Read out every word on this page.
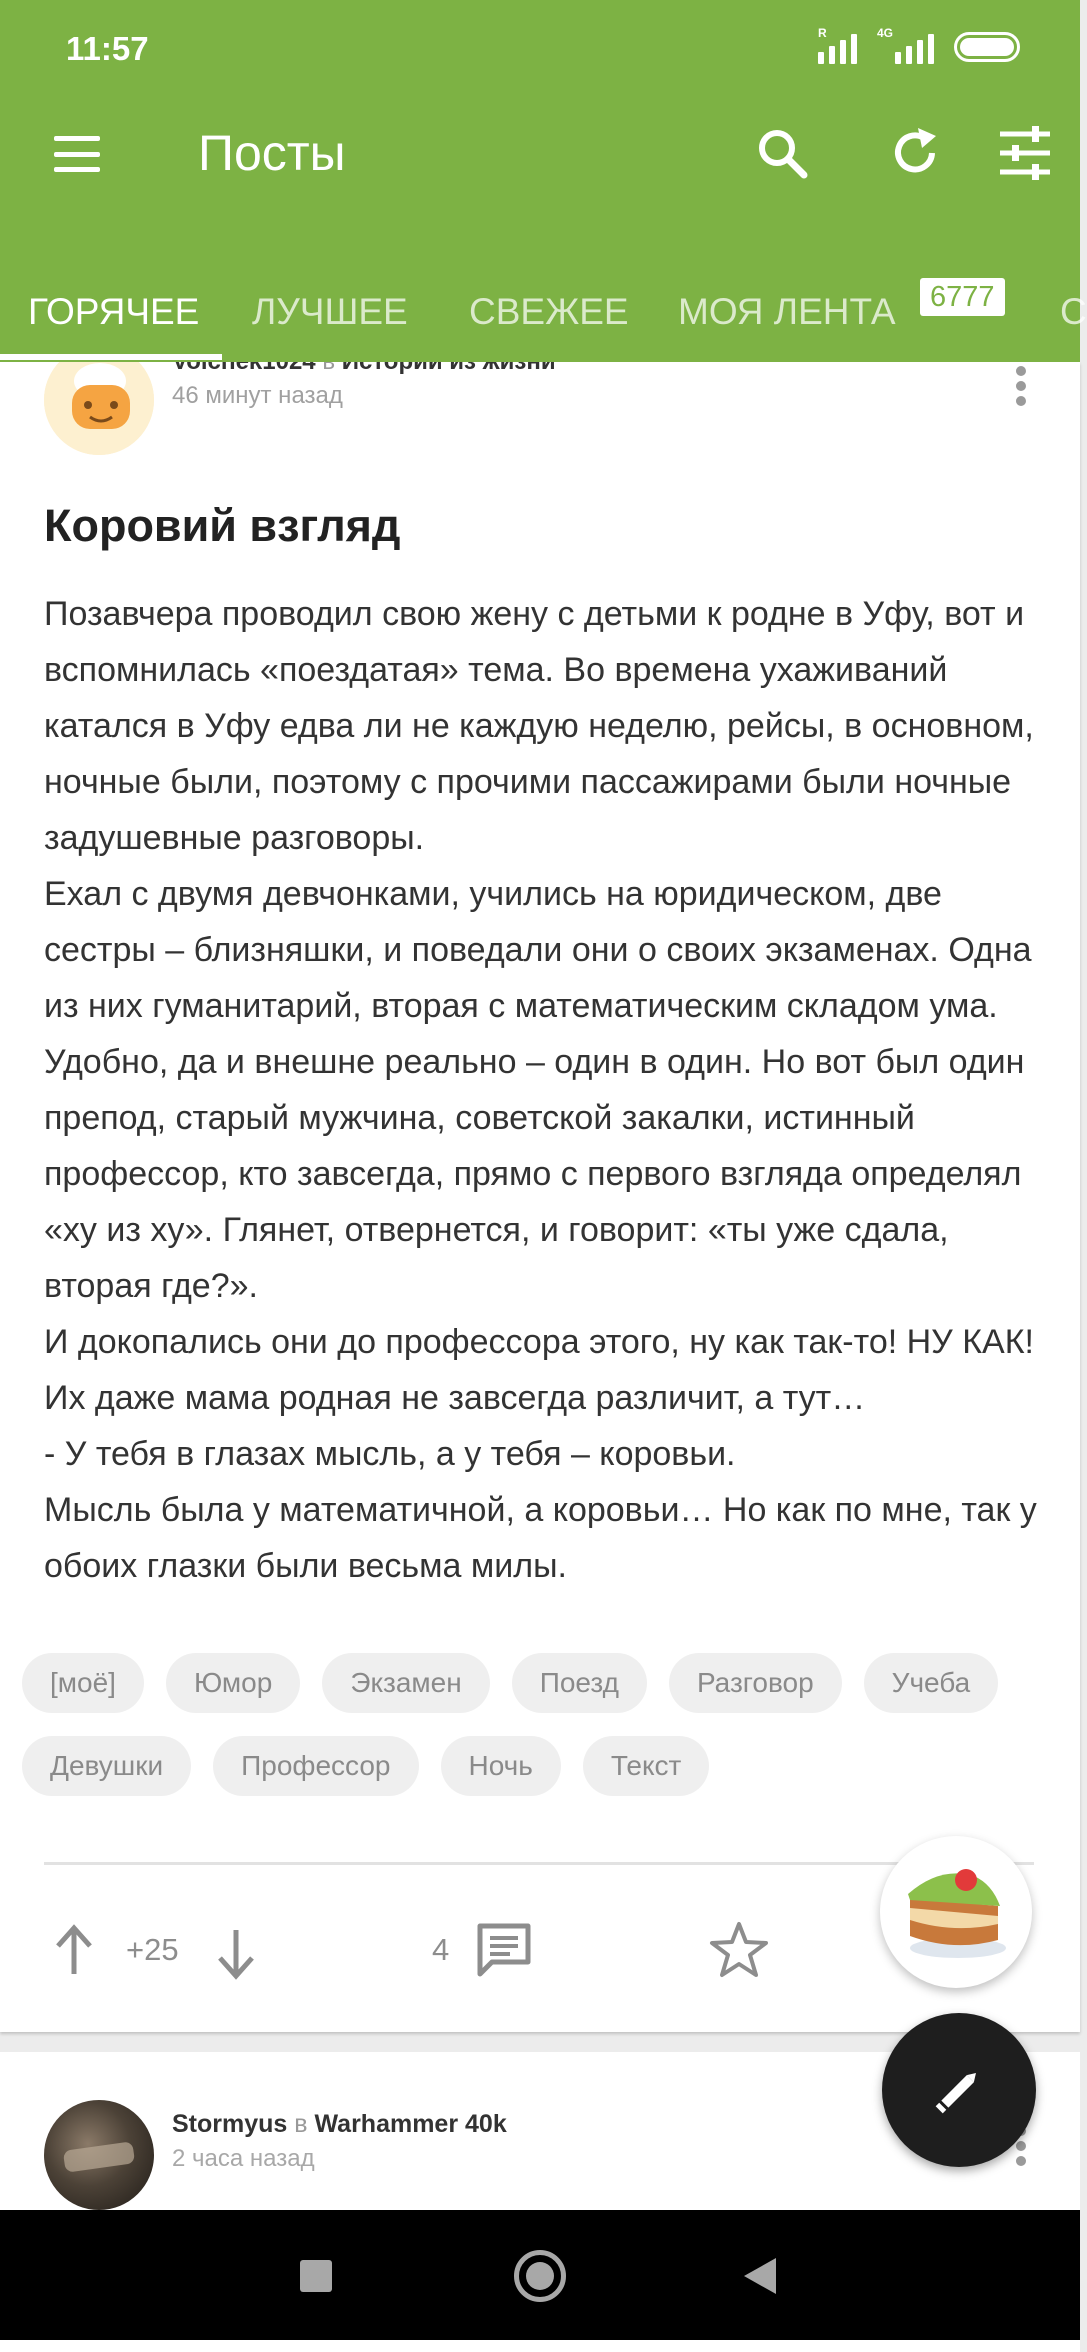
11:57	R	4G
Посты
ГОРЯЧЕЕ ЛУЧШЕЕ СВЕЖЕЕ МОЯ ЛЕНТА	С
6777
46 минут назад
Коровий взгляд

Позавчера проводил свою жену с детьми к родне в Уфу, вот и вспомнилась «поездатая» тема. Во времена ухаживаний катался в Уфу едва ли не каждую неделю, рейсы, в основном, ночные были, поэтому с прочими пассажирами были ночные задушевные разговоры.

Ехал с двумя девчонками, учились на юридическом, две сестры – близняшки, и поведали они о своих экзаменах. Одна из них гуманитарий, вторая с математическим складом ума. Удобно, да и внешне реально – один в один. Но вот был один препод, старый мужчина, советской закалки, истинный профессор, кто завсегда, прямо с первого взгляда определял «ху из ху». Глянет, отвернется, и говорит: «ты уже сдала, вторая где?».

И докопались они до профессора этого, ну как так-то! НУ КАК! Их даже мама родная не завсегда различит, а тут…

- У тебя в глазах мысль, а у тебя – коровьи.

Мысль была у математичной, а коровьи… Но как по мне, так у обоих глазки были весьма милы.

[моё]	Юмор	Экзамен	Поезд	Разговор	Учеба
Девушки	Профессор	Ночь	Текст
+25	4
Stormyus в Warhammer 40k
2 часа назад
